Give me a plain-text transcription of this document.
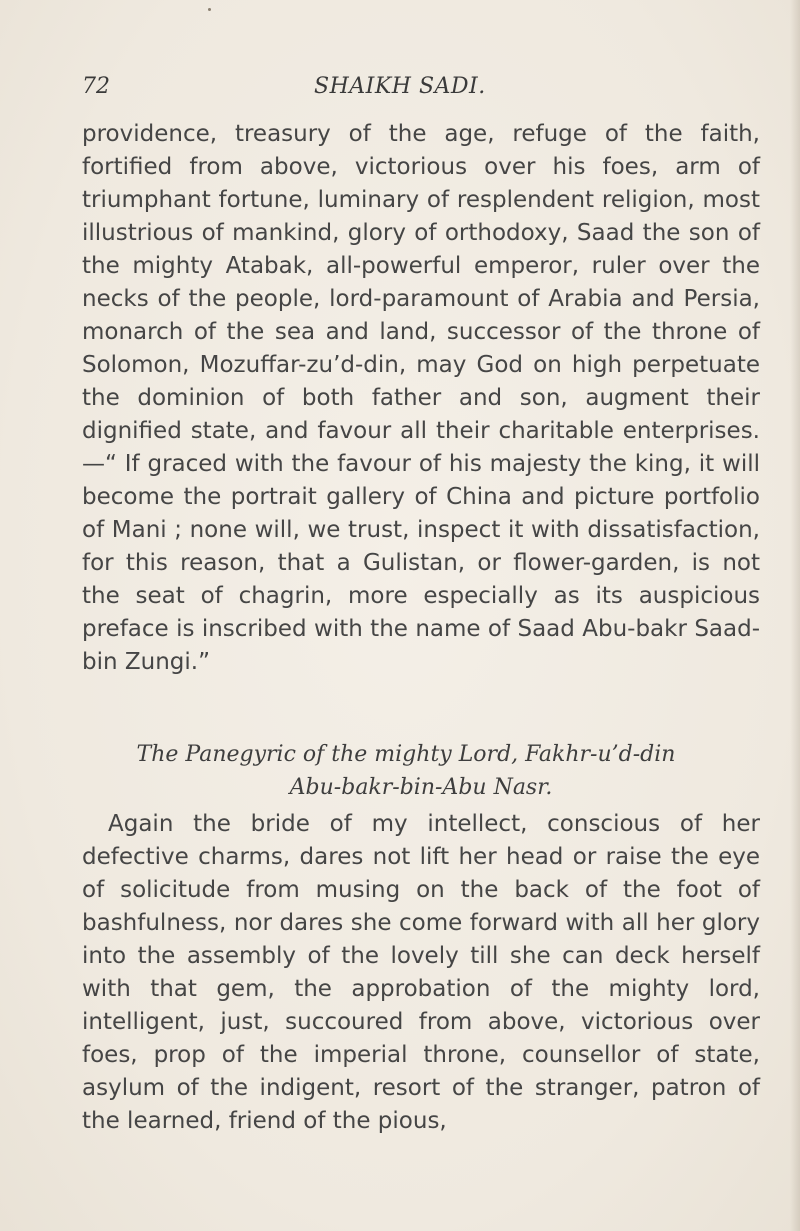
72	SHAIKH SADI.

providence, treasury of the age, refuge of the faith, fortified from above, victorious over his foes, arm of triumphant fortune, luminary of resplendent religion, most illustrious of mankind, glory of orthodoxy, Saad the son of the mighty Atabak, all-powerful emperor, ruler over the necks of the people, lord-paramount of Arabia and Persia, monarch of the sea and land, successor of the throne of Solomon, Mozuffar-zu’d-din, may God on high perpetuate the dominion of both father and son, augment their dignified state, and favour all their charitable enterprises.—“ If graced with the favour of his majesty the king, it will become the portrait gallery of China and picture portfolio of Mani ; none will, we trust, inspect it with dissatisfaction, for this reason, that a Gulistan, or flower-garden, is not the seat of chagrin, more especially as its auspicious preface is inscribed with the name of Saad Abu-bakr Saad-bin Zungi.”

The Panegyric of the mighty Lord, Fakhr-u’d-din
Abu-bakr-bin-Abu Nasr.

Again the bride of my intellect, conscious of her defective charms, dares not lift her head or raise the eye of solicitude from musing on the back of the foot of bashfulness, nor dares she come forward with all her glory into the assembly of the lovely till she can deck herself with that gem, the approbation of the mighty lord, intelligent, just, succoured from above, victorious over foes, prop of the imperial throne, counsellor of state, asylum of the indigent, resort of the stranger, patron of the learned, friend of the pious,
